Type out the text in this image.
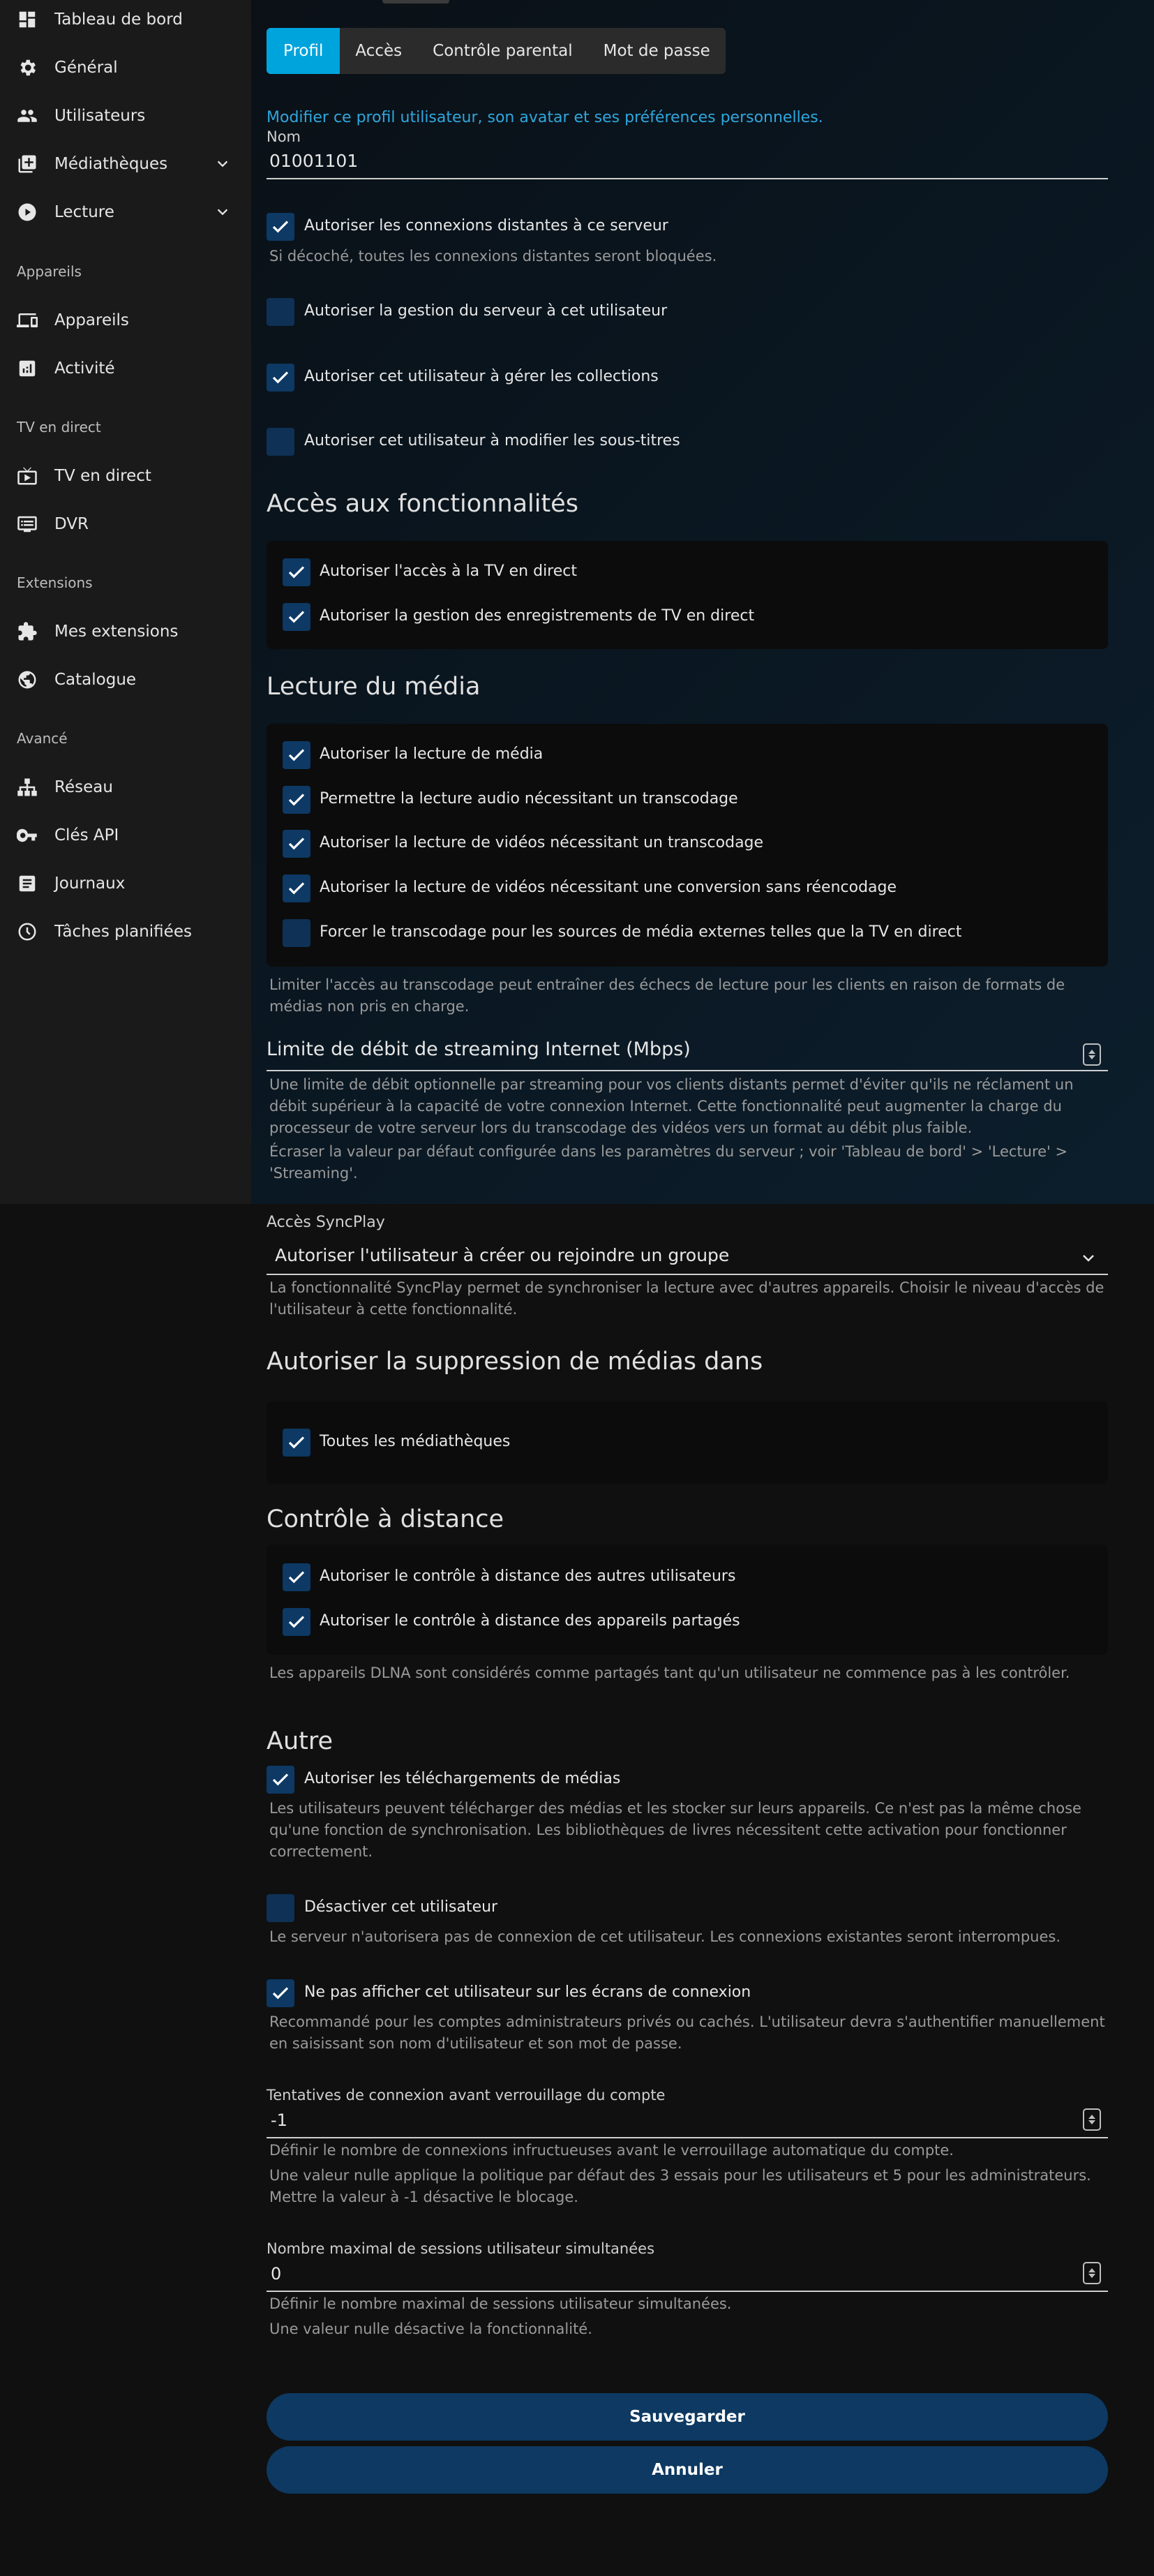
Tableau de bord
Général
Utilisateurs
Médiathèques
Lecture
Appareils
Appareils
Activité
TV en direct
TV en direct
DVR
Extensions
Mes extensions
Catalogue
Avancé
Réseau
Clés API
Journaux
Tâches planifiées
Profil	Accès	Contrôle parental	Mot de passe
Modifier ce profil utilisateur, son avatar et ses préférences personnelles.
Nom
01001101
Autoriser les connexions distantes à ce serveur
Si décoché, toutes les connexions distantes seront bloquées.
Autoriser la gestion du serveur à cet utilisateur
Autoriser cet utilisateur à gérer les collections
Autoriser cet utilisateur à modifier les sous-titres
Accès aux fonctionnalités
Autoriser l'accès à la TV en direct
Autoriser la gestion des enregistrements de TV en direct
Lecture du média
Autoriser la lecture de média
Permettre la lecture audio nécessitant un transcodage
Autoriser la lecture de vidéos nécessitant un transcodage
Autoriser la lecture de vidéos nécessitant une conversion sans réencodage
Forcer le transcodage pour les sources de média externes telles que la TV en direct
Limiter l'accès au transcodage peut entraîner des échecs de lecture pour les clients en raison de formats de médias non pris en charge.
Limite de débit de streaming Internet (Mbps)
Une limite de débit optionnelle par streaming pour vos clients distants permet d'éviter qu'ils ne réclament un débit supérieur à la capacité de votre connexion Internet. Cette fonctionnalité peut augmenter la charge du processeur de votre serveur lors du transcodage des vidéos vers un format au débit plus faible.
Écraser la valeur par défaut configurée dans les paramètres du serveur ; voir 'Tableau de bord' > 'Lecture' > 'Streaming'.
Accès SyncPlay
Autoriser l'utilisateur à créer ou rejoindre un groupe
La fonctionnalité SyncPlay permet de synchroniser la lecture avec d'autres appareils. Choisir le niveau d'accès de l'utilisateur à cette fonctionnalité.
Autoriser la suppression de médias dans
Toutes les médiathèques
Contrôle à distance
Autoriser le contrôle à distance des autres utilisateurs
Autoriser le contrôle à distance des appareils partagés
Les appareils DLNA sont considérés comme partagés tant qu'un utilisateur ne commence pas à les contrôler.
Autre
Autoriser les téléchargements de médias
Les utilisateurs peuvent télécharger des médias et les stocker sur leurs appareils. Ce n'est pas la même chose qu'une fonction de synchronisation. Les bibliothèques de livres nécessitent cette activation pour fonctionner correctement.
Désactiver cet utilisateur
Le serveur n'autorisera pas de connexion de cet utilisateur. Les connexions existantes seront interrompues.
Ne pas afficher cet utilisateur sur les écrans de connexion
Recommandé pour les comptes administrateurs privés ou cachés. L'utilisateur devra s'authentifier manuellement en saisissant son nom d'utilisateur et son mot de passe.
Tentatives de connexion avant verrouillage du compte
-1
Définir le nombre de connexions infructueuses avant le verrouillage automatique du compte.
Une valeur nulle applique la politique par défaut des 3 essais pour les utilisateurs et 5 pour les administrateurs. Mettre la valeur à -1 désactive le blocage.
Nombre maximal de sessions utilisateur simultanées
0
Définir le nombre maximal de sessions utilisateur simultanées.
Une valeur nulle désactive la fonctionnalité.
Sauvegarder
Annuler
